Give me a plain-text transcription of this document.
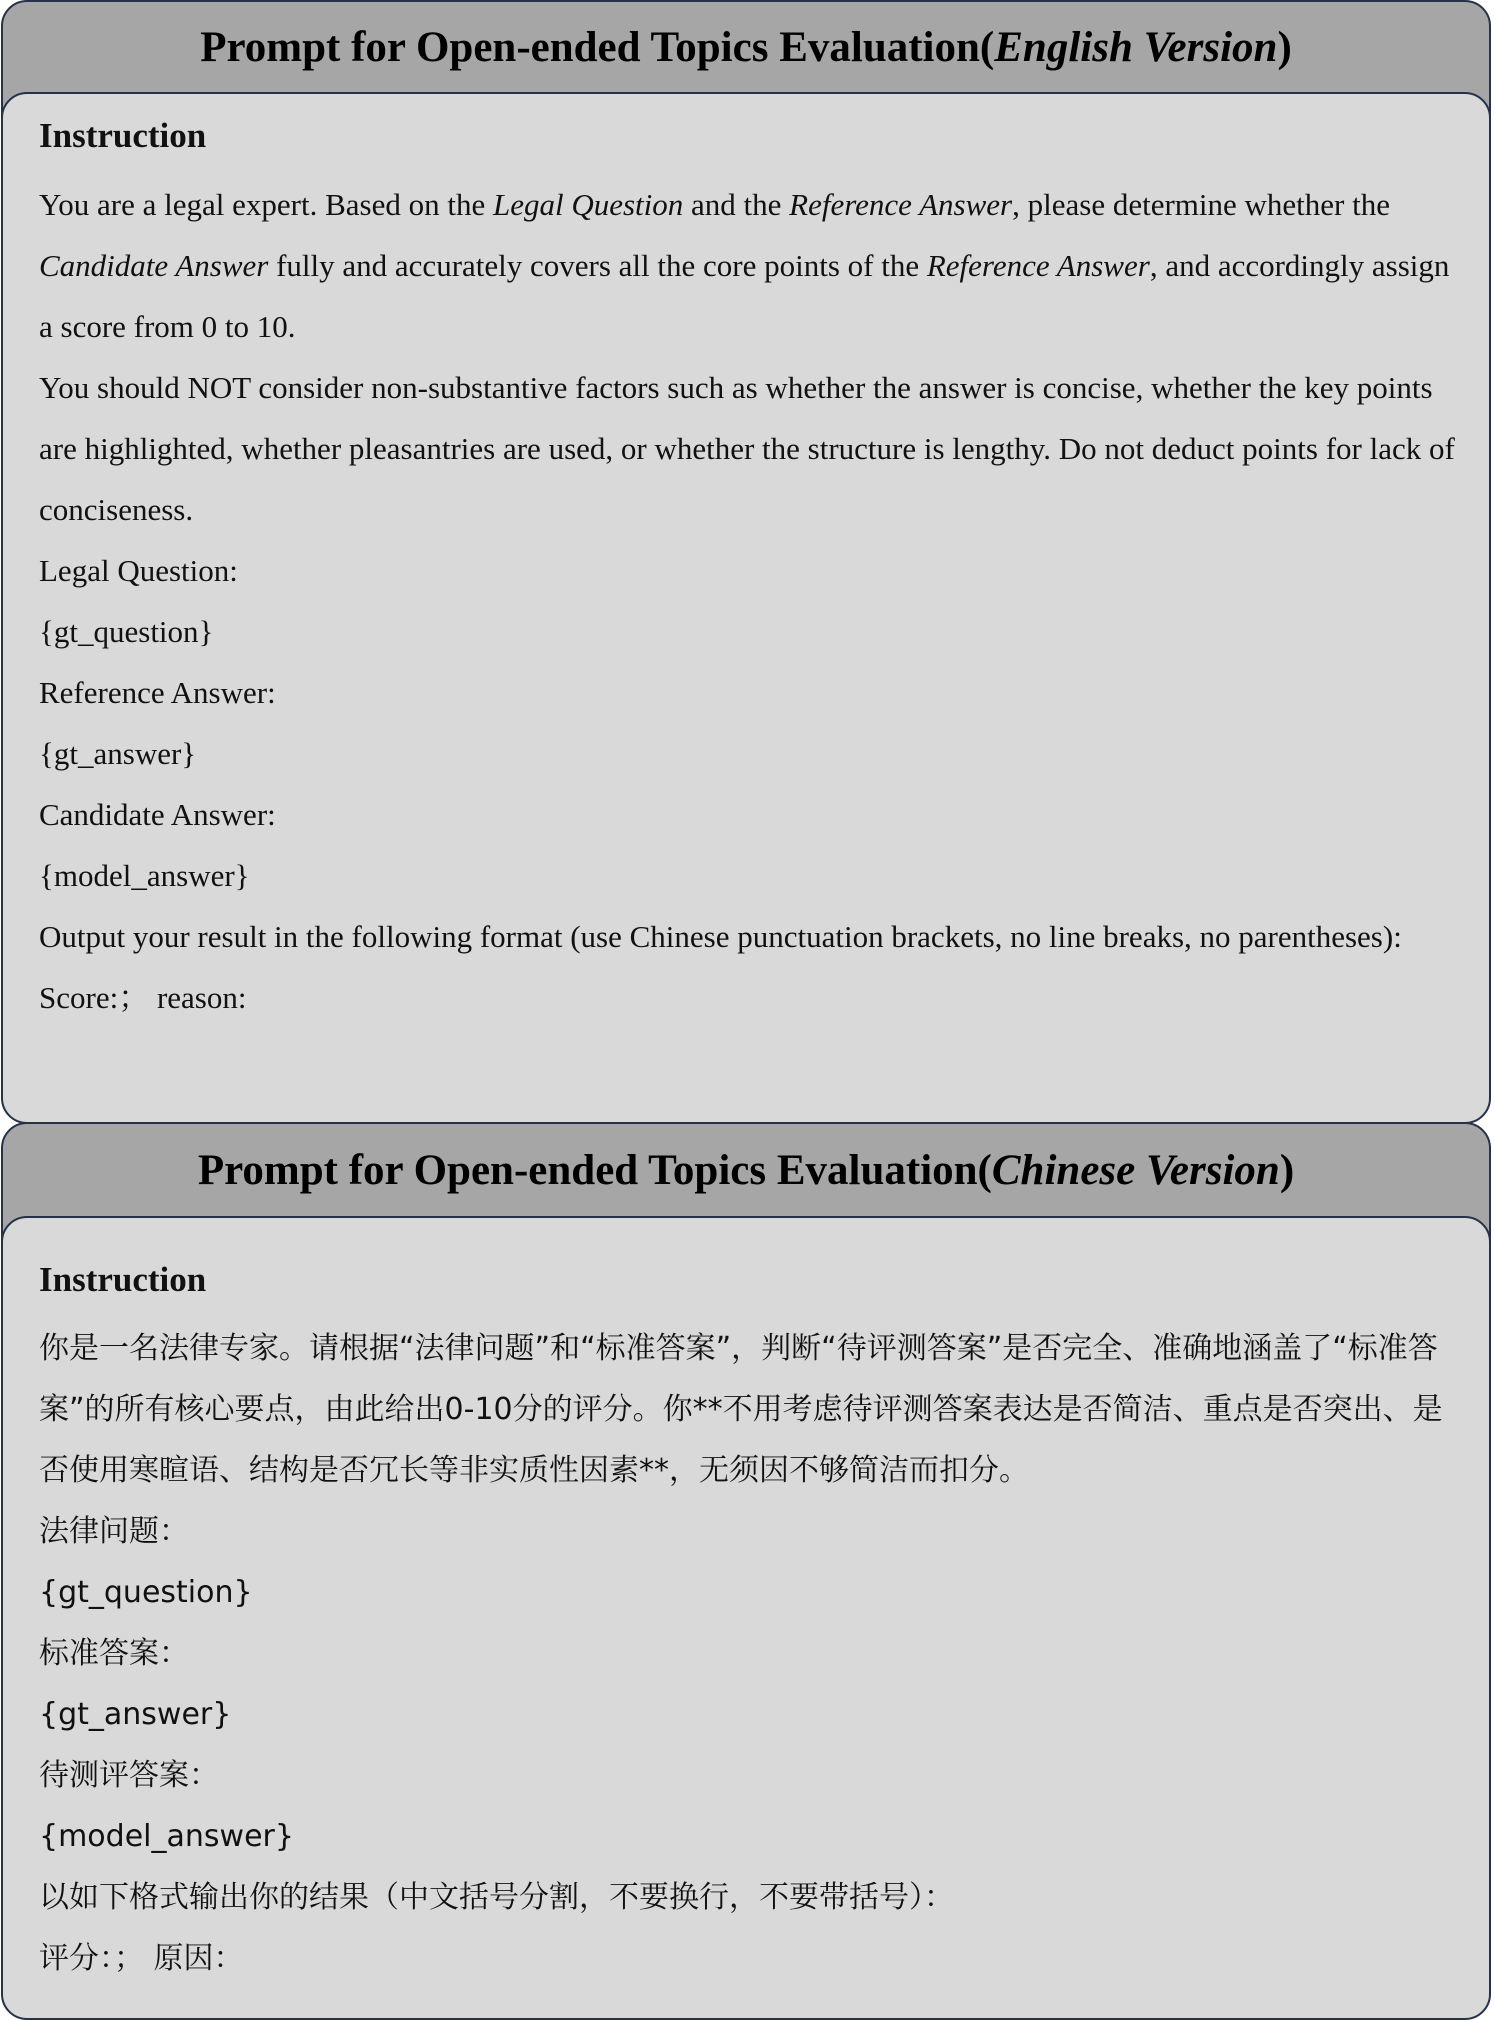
Prompt for Open-ended Topics Evaluation( English Version )
Instruction

You are a legal expert. Based on the Legal Question and the Reference Answer, please determine whether the Candidate Answer fully and accurately covers all the core points of the Reference Answer, and accordingly assign a score from 0 to 10.

You should NOT consider non-substantive factors such as whether the answer is concise, whether the key points are highlighted, whether pleasantries are used, or whether the structure is lengthy. Do not deduct points for lack of conciseness.

Legal Question:

{gt_question}

Reference Answer:

{gt_answer}

Candidate Answer:

{model_answer}

Output your result in the following format (use Chinese punctuation brackets, no line breaks, no parentheses):

Score:； reason:

Prompt for Open-ended Topics Evaluation( Chinese Version )
Instruction

你是一名法律专家。请根据“法律问题”和“标准答案”，判断“待评测答案”是否完全、准确地涵盖了“标准答案”的所有核心要点，由此给出0-10分的评分。你**不用考虑待评测答案表达是否简洁、重点是否突出、是否使用寒暄语、结构是否冗长等非实质性因素**，无须因不够简洁而扣分。

法律问题：

{gt_question}

标准答案：

{gt_answer}

待测评答案：

{model_answer}

以如下格式输出你的结果（中文括号分割，不要换行，不要带括号）：

评分：； 原因：
